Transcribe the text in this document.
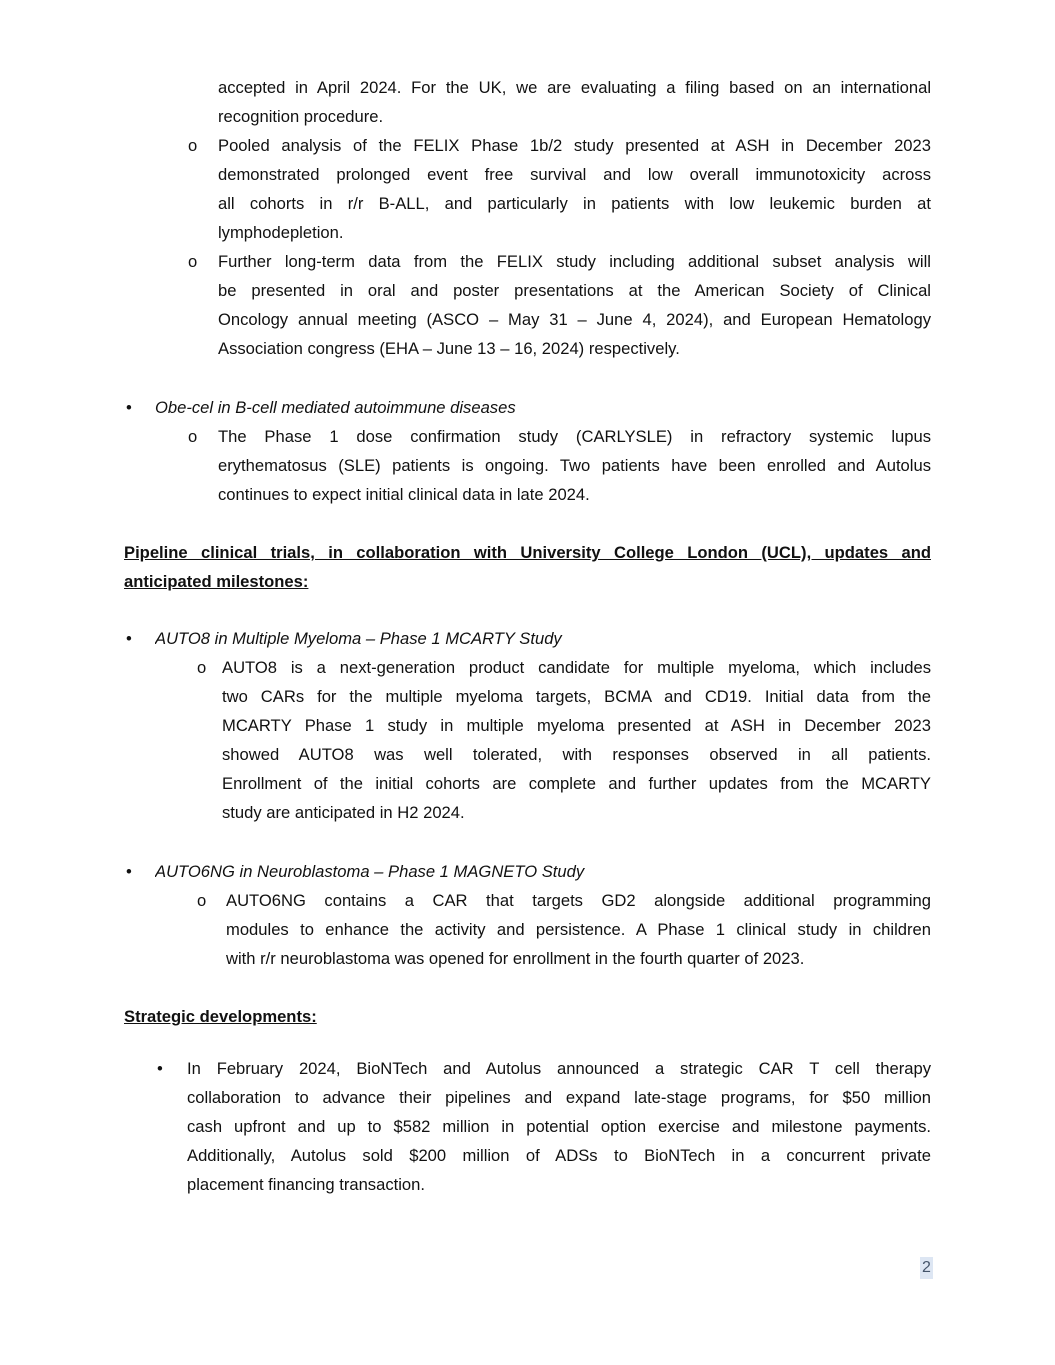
accepted in April 2024. For the UK, we are evaluating a filing based on an international
recognition procedure.
o Pooled analysis of the FELIX Phase 1b/2 study presented at ASH in December 2023
demonstrated prolonged event free survival and low overall immunotoxicity across
all cohorts in r/r B-ALL, and particularly in patients with low leukemic burden at
lymphodepletion.
o Further long-term data from the FELIX study including additional subset analysis will
be presented in oral and poster presentations at the American Society of Clinical
Oncology annual meeting (ASCO – May 31 – June 4, 2024), and European Hematology
Association congress (EHA – June 13 – 16, 2024) respectively.
• Obe-cel in B-cell mediated autoimmune diseases
o The Phase 1 dose confirmation study (CARLYSLE) in refractory systemic lupus
erythematosus (SLE) patients is ongoing. Two patients have been enrolled and Autolus
continues to expect initial clinical data in late 2024.
Pipeline clinical trials, in collaboration with University College London (UCL), updates and
anticipated milestones:
• AUTO8 in Multiple Myeloma – Phase 1 MCARTY Study
o AUTO8 is a next-generation product candidate for multiple myeloma, which includes
two CARs for the multiple myeloma targets, BCMA and CD19. Initial data from the
MCARTY Phase 1 study in multiple myeloma presented at ASH in December 2023
showed AUTO8 was well tolerated, with responses observed in all patients.
Enrollment of the initial cohorts are complete and further updates from the MCARTY
study are anticipated in H2 2024.
• AUTO6NG in Neuroblastoma – Phase 1 MAGNETO Study
o AUTO6NG contains a CAR that targets GD2 alongside additional programming
modules to enhance the activity and persistence. A Phase 1 clinical study in children
with r/r neuroblastoma was opened for enrollment in the fourth quarter of 2023.
Strategic developments:
• In February 2024, BioNTech and Autolus announced a strategic CAR T cell therapy
collaboration to advance their pipelines and expand late-stage programs, for $50 million
cash upfront and up to $582 million in potential option exercise and milestone payments.
Additionally, Autolus sold $200 million of ADSs to BioNTech in a concurrent private
placement financing transaction.
2
